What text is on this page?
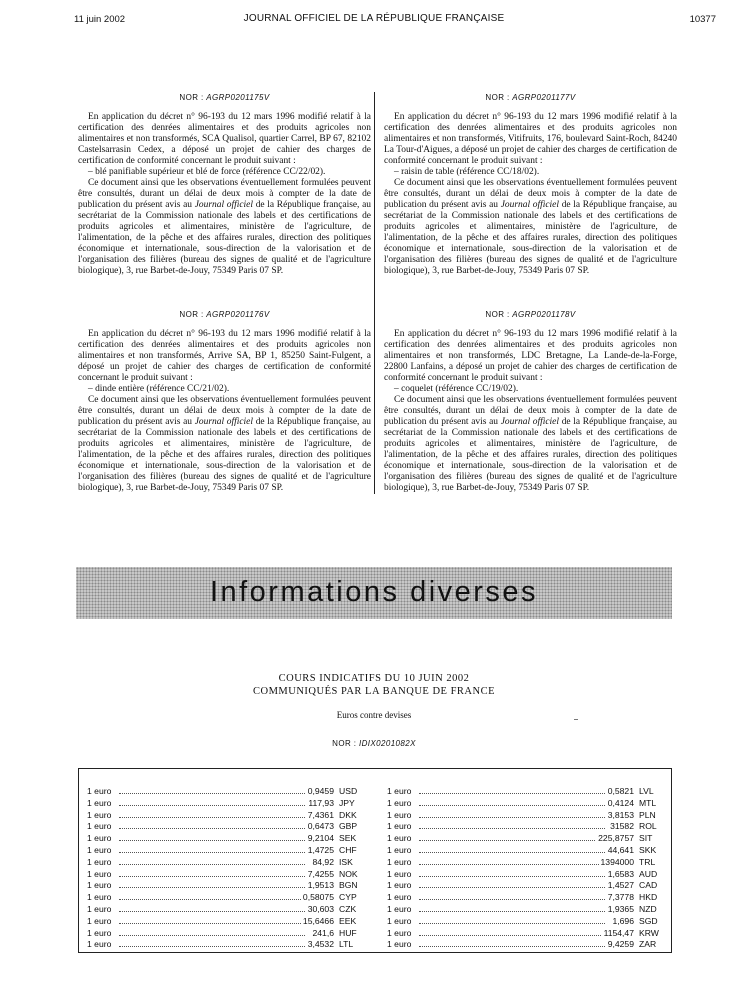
11 juin 2002	JOURNAL OFFICIEL DE LA RÉPUBLIQUE FRANÇAISE	10377
NOR : AGRP0201175V

En application du décret n° 96-193 du 12 mars 1996 modifié relatif à la certification des denrées alimentaires et des produits agricoles non alimentaires et non transformés, SCA Qualisol, quartier Carrel, BP 67, 82102 Castelsarrasin Cedex, a déposé un projet de cahier des charges de certification de conformité concernant le produit suivant :

– blé panifiable supérieur et blé de force (référence CC/22/02).

Ce document ainsi que les observations éventuellement formulées peuvent être consultés, durant un délai de deux mois à compter de la date de publication du présent avis au Journal officiel de la République française, au secrétariat de la Commission nationale des labels et des certifications de produits agricoles et alimentaires, ministère de l'agriculture, de l'alimentation, de la pêche et des affaires rurales, direction des politiques économique et internationale, sous-direction de la valorisation et de l'organisation des filières (bureau des signes de qualité et de l'agriculture biologique), 3, rue Barbet-de-Jouy, 75349 Paris 07 SP.

NOR : AGRP0201177V

En application du décret n° 96-193 du 12 mars 1996 modifié relatif à la certification des denrées alimentaires et des produits agricoles non alimentaires et non transformés, Vitifruits, 176, boulevard Saint-Roch, 84240 La Tour-d'Aigues, a déposé un projet de cahier des charges de certification de conformité concernant le produit suivant :

– raisin de table (référence CC/18/02).

Ce document ainsi que les observations éventuellement formulées peuvent être consultés, durant un délai de deux mois à compter de la date de publication du présent avis au Journal officiel de la République française, au secrétariat de la Commission nationale des labels et des certifications de produits agricoles et alimentaires, ministère de l'agriculture, de l'alimentation, de la pêche et des affaires rurales, direction des politiques économique et internationale, sous-direction de la valorisation et de l'organisation des filières (bureau des signes de qualité et de l'agriculture biologique), 3, rue Barbet-de-Jouy, 75349 Paris 07 SP.

NOR : AGRP0201176V

En application du décret n° 96-193 du 12 mars 1996 modifié relatif à la certification des denrées alimentaires et des produits agricoles non alimentaires et non transformés, Arrive SA, BP 1, 85250 Saint-Fulgent, a déposé un projet de cahier des charges de certification de conformité concernant le produit suivant :

– dinde entière (référence CC/21/02).

Ce document ainsi que les observations éventuellement formulées peuvent être consultés, durant un délai de deux mois à compter de la date de publication du présent avis au Journal officiel de la République française, au secrétariat de la Commission nationale des labels et des certifications de produits agricoles et alimentaires, ministère de l'agriculture, de l'alimentation, de la pêche et des affaires rurales, direction des politiques économique et internationale, sous-direction de la valorisation et de l'organisation des filières (bureau des signes de qualité et de l'agriculture biologique), 3, rue Barbet-de-Jouy, 75349 Paris 07 SP.

NOR : AGRP0201178V

En application du décret n° 96-193 du 12 mars 1996 modifié relatif à la certification des denrées alimentaires et des produits agricoles non alimentaires et non transformés, LDC Bretagne, La Lande-de-la-Forge, 22800 Lanfains, a déposé un projet de cahier des charges de certification de conformité concernant le produit suivant :

– coquelet (référence CC/19/02).

Ce document ainsi que les observations éventuellement formulées peuvent être consultés, durant un délai de deux mois à compter de la date de publication du présent avis au Journal officiel de la République française, au secrétariat de la Commission nationale des labels et des certifications de produits agricoles et alimentaires, ministère de l'agriculture, de l'alimentation, de la pêche et des affaires rurales, direction des politiques économique et internationale, sous-direction de la valorisation et de l'organisation des filières (bureau des signes de qualité et de l'agriculture biologique), 3, rue Barbet-de-Jouy, 75349 Paris 07 SP.

Informations diverses
COURS INDICATIFS DU 10 JUIN 2002
COMMUNIQUÉS PAR LA BANQUE DE FRANCE
Euros contre devises
NOR : IDIX0201082X
1 euro	0,9459 USD
1 euro	117,93 JPY
1 euro	7,4361 DKK
1 euro	0,6473 GBP
1 euro	9,2104 SEK
1 euro	1,4725 CHF
1 euro	84,92 ISK
1 euro	7,4255 NOK
1 euro	1,9513 BGN
1 euro	0,58075 CYP
1 euro	30,603 CZK
1 euro	15,6466 EEK
1 euro	241,6 HUF
1 euro	3,4532 LTL
1 euro	0,5821 LVL
1 euro	0,4124 MTL
1 euro	3,8153 PLN
1 euro	31582 ROL
1 euro	225,8757 SIT
1 euro	44,641 SKK
1 euro	1394000 TRL
1 euro	1,6583 AUD
1 euro	1,4527 CAD
1 euro	7,3778 HKD
1 euro	1,9365 NZD
1 euro	1,696 SGD
1 euro	1154,47 KRW
1 euro	9,4259 ZAR
